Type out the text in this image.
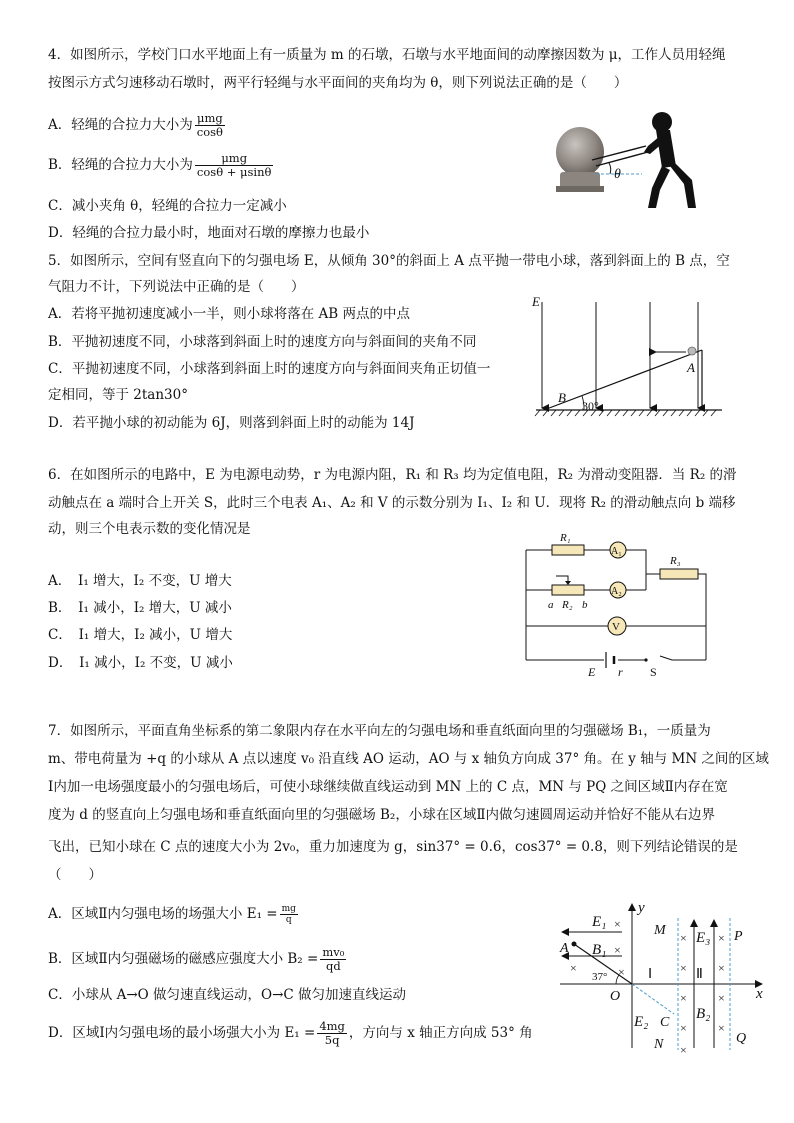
4．如图所示，学校门口水平地面上有一质量为 m 的石墩，石墩与水平地面间的动摩擦因数为 μ，工作人员用轻绳
按图示方式匀速移动石墩时，两平行轻绳与水平面间的夹角均为 θ，则下列说法正确的是（　　）
A．轻绳的合拉力大小为 $\frac{\text{μmg}}{\cos\theta}$
B．轻绳的合拉力大小为 $\frac{\text{μmg}}{\cos\theta + \mu\sin\theta}$
C．减小夹角 θ，轻绳的合拉力一定减小
D．轻绳的合拉力最小时，地面对石墩的摩擦力也最小
θ
5．如图所示，空间有竖直向下的匀强电场 E，从倾角 30°的斜面上 A 点平抛一带电小球，落到斜面上的 B 点，空
气阻力不计，下列说法中正确的是（　　）
A．若将平抛初速度减小一半，则小球将落在 AB 两点的中点
B．平抛初速度不同，小球落到斜面上时的速度方向与斜面间的夹角不同
C．平抛初速度不同，小球落到斜面上时的速度方向与斜面间夹角正切值一
定相同，等于 2tan30°
D．若平抛小球的初动能为 6J，则落到斜面上时的动能为 14J
E
A
B
30°
6．在如图所示的电路中，E 为电源电动势，r 为电源内阻，R₁ 和 R₃ 均为定值电阻，R₂ 为滑动变阻器．当 R₂ 的滑
动触点在 a 端时合上开关 S，此时三个电表 A₁、A₂ 和 V 的示数分别为 I₁、I₂ 和 U．现将 R₂ 的滑动触点向 b 端移
动，则三个电表示数的变化情况是
A．　I₁ 增大，I₂ 不变，U 增大
B．　I₁ 减小，I₂ 增大，U 减小
C．　I₁ 增大，I₂ 减小，U 增大
D．　I₁ 减小，I₂ 不变，U 减小
R₁
A₁
a R₂ b
A₂
R₃
V
E r S
7．如图所示，平面直角坐标系的第二象限内存在水平向左的匀强电场和垂直纸面向里的匀强磁场 B₁，一质量为
m、带电荷量为 +q 的小球从 A 点以速度 v₀ 沿直线 AO 运动，AO 与 x 轴负方向成 37° 角。在 y 轴与 MN 之间的区域
Ⅰ内加一电场强度最小的匀强电场后，可使小球继续做直线运动到 MN 上的 C 点，MN 与 PQ 之间区域Ⅱ内存在宽
度为 d 的竖直向上匀强电场和垂直纸面向里的匀强磁场 B₂，小球在区域Ⅱ内做匀速圆周运动并恰好不能从右边界
飞出，已知小球在 C 点的速度大小为 2v₀，重力加速度为 g，sin37° = 0.6，cos37° = 0.8，则下列结论错误的是
（　　）
A．区域Ⅱ内匀强电场的场强大小 $E_1 = \frac{mg}{q}$
B．区域Ⅱ内匀强磁场的磁感应强度大小 $B_2 = \frac{\text{mv₀}}{qd}$
C．小球从 A→O 做匀速直线运动，O→C 做匀加速直线运动
D．区域Ⅰ内匀强电场的最小场强大小为 $E_1 = \frac{4mg}{5q}$ ，方向与 x 轴正方向成 53° 角
x
y
O
E₁
B₁
×
×
×
×
A
37°
C
E₂
M
N
Ⅰ
E₃
B₂
Ⅱ
×
×
×
×
×
×
×
×
×
P
Q
